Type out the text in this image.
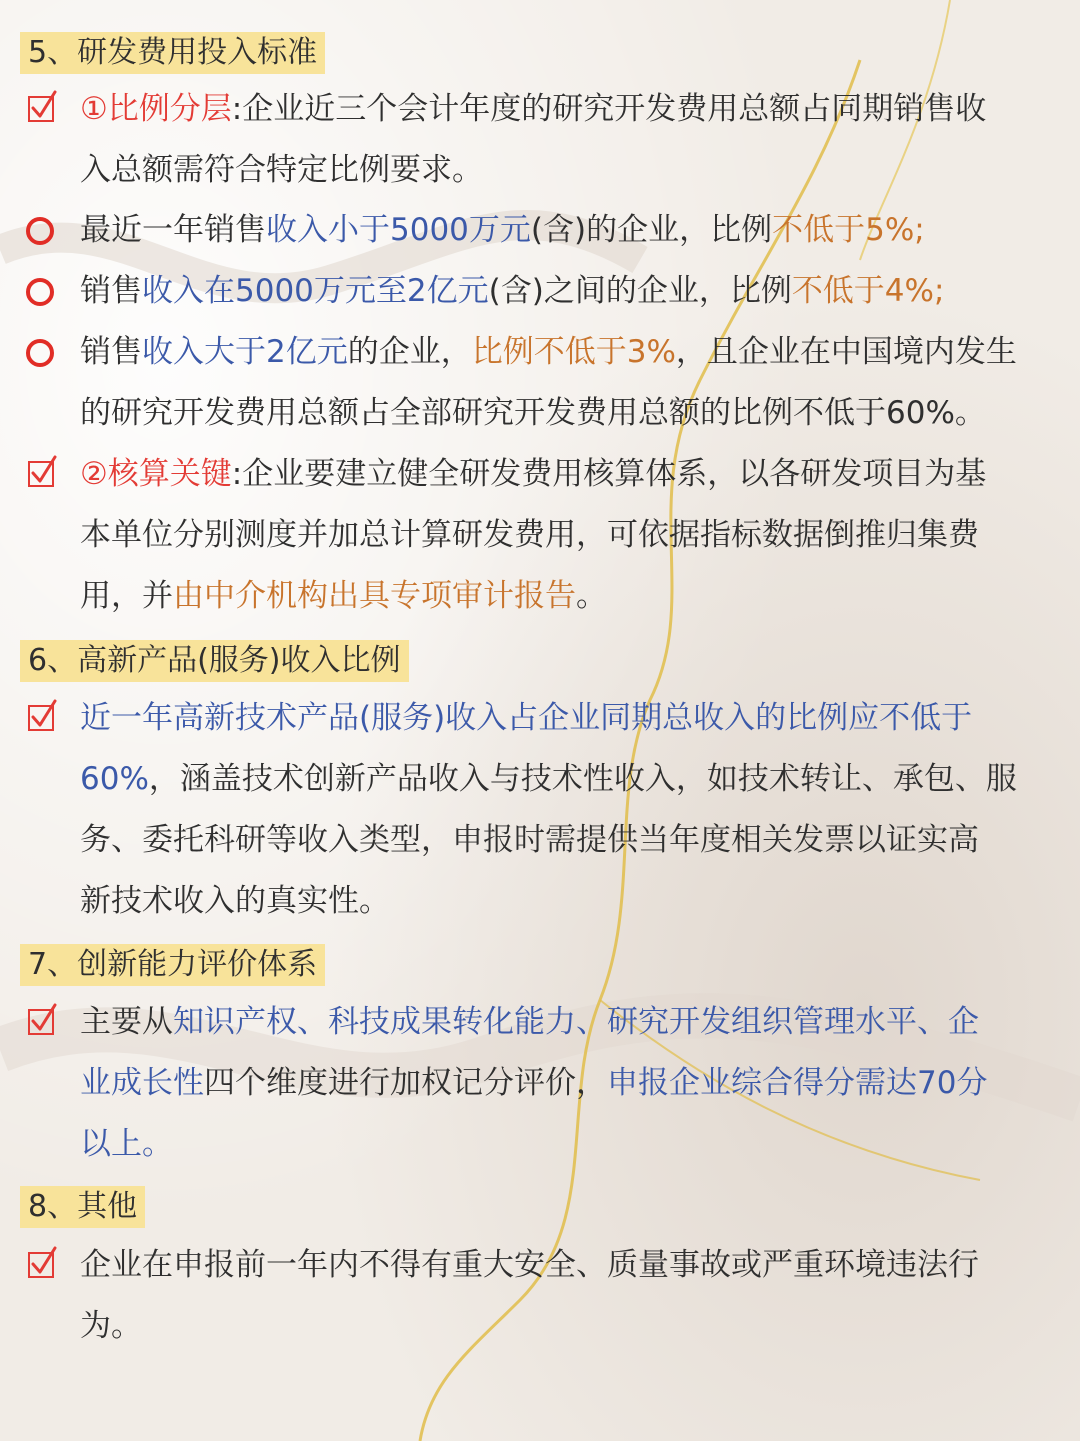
5、研发费用投入标准
①比例分层:企业近三个会计年度的研究开发费用总额占同期销售收
入总额需符合特定比例要求。
最近一年销售收入小于5000万元(含)的企业，比例不低于5%;
销售收入在5000万元至2亿元(含)之间的企业，比例不低于4%;
销售收入大于2亿元的企业，比例不低于3%，且企业在中国境内发生
的研究开发费用总额占全部研究开发费用总额的比例不低于60%。
②核算关键:企业要建立健全研发费用核算体系，以各研发项目为基
本单位分别测度并加总计算研发费用，可依据指标数据倒推归集费
用，并由中介机构出具专项审计报告。
6、高新产品(服务)收入比例
近一年高新技术产品(服务)收入占企业同期总收入的比例应不低于
60%，涵盖技术创新产品收入与技术性收入，如技术转让、承包、服
务、委托科研等收入类型，申报时需提供当年度相关发票以证实高
新技术收入的真实性。
7、创新能力评价体系
主要从知识产权、科技成果转化能力、研究开发组织管理水平、企
业成长性四个维度进行加权记分评价，申报企业综合得分需达70分
以上。
8、其他
企业在申报前一年内不得有重大安全、质量事故或严重环境违法行
为。
